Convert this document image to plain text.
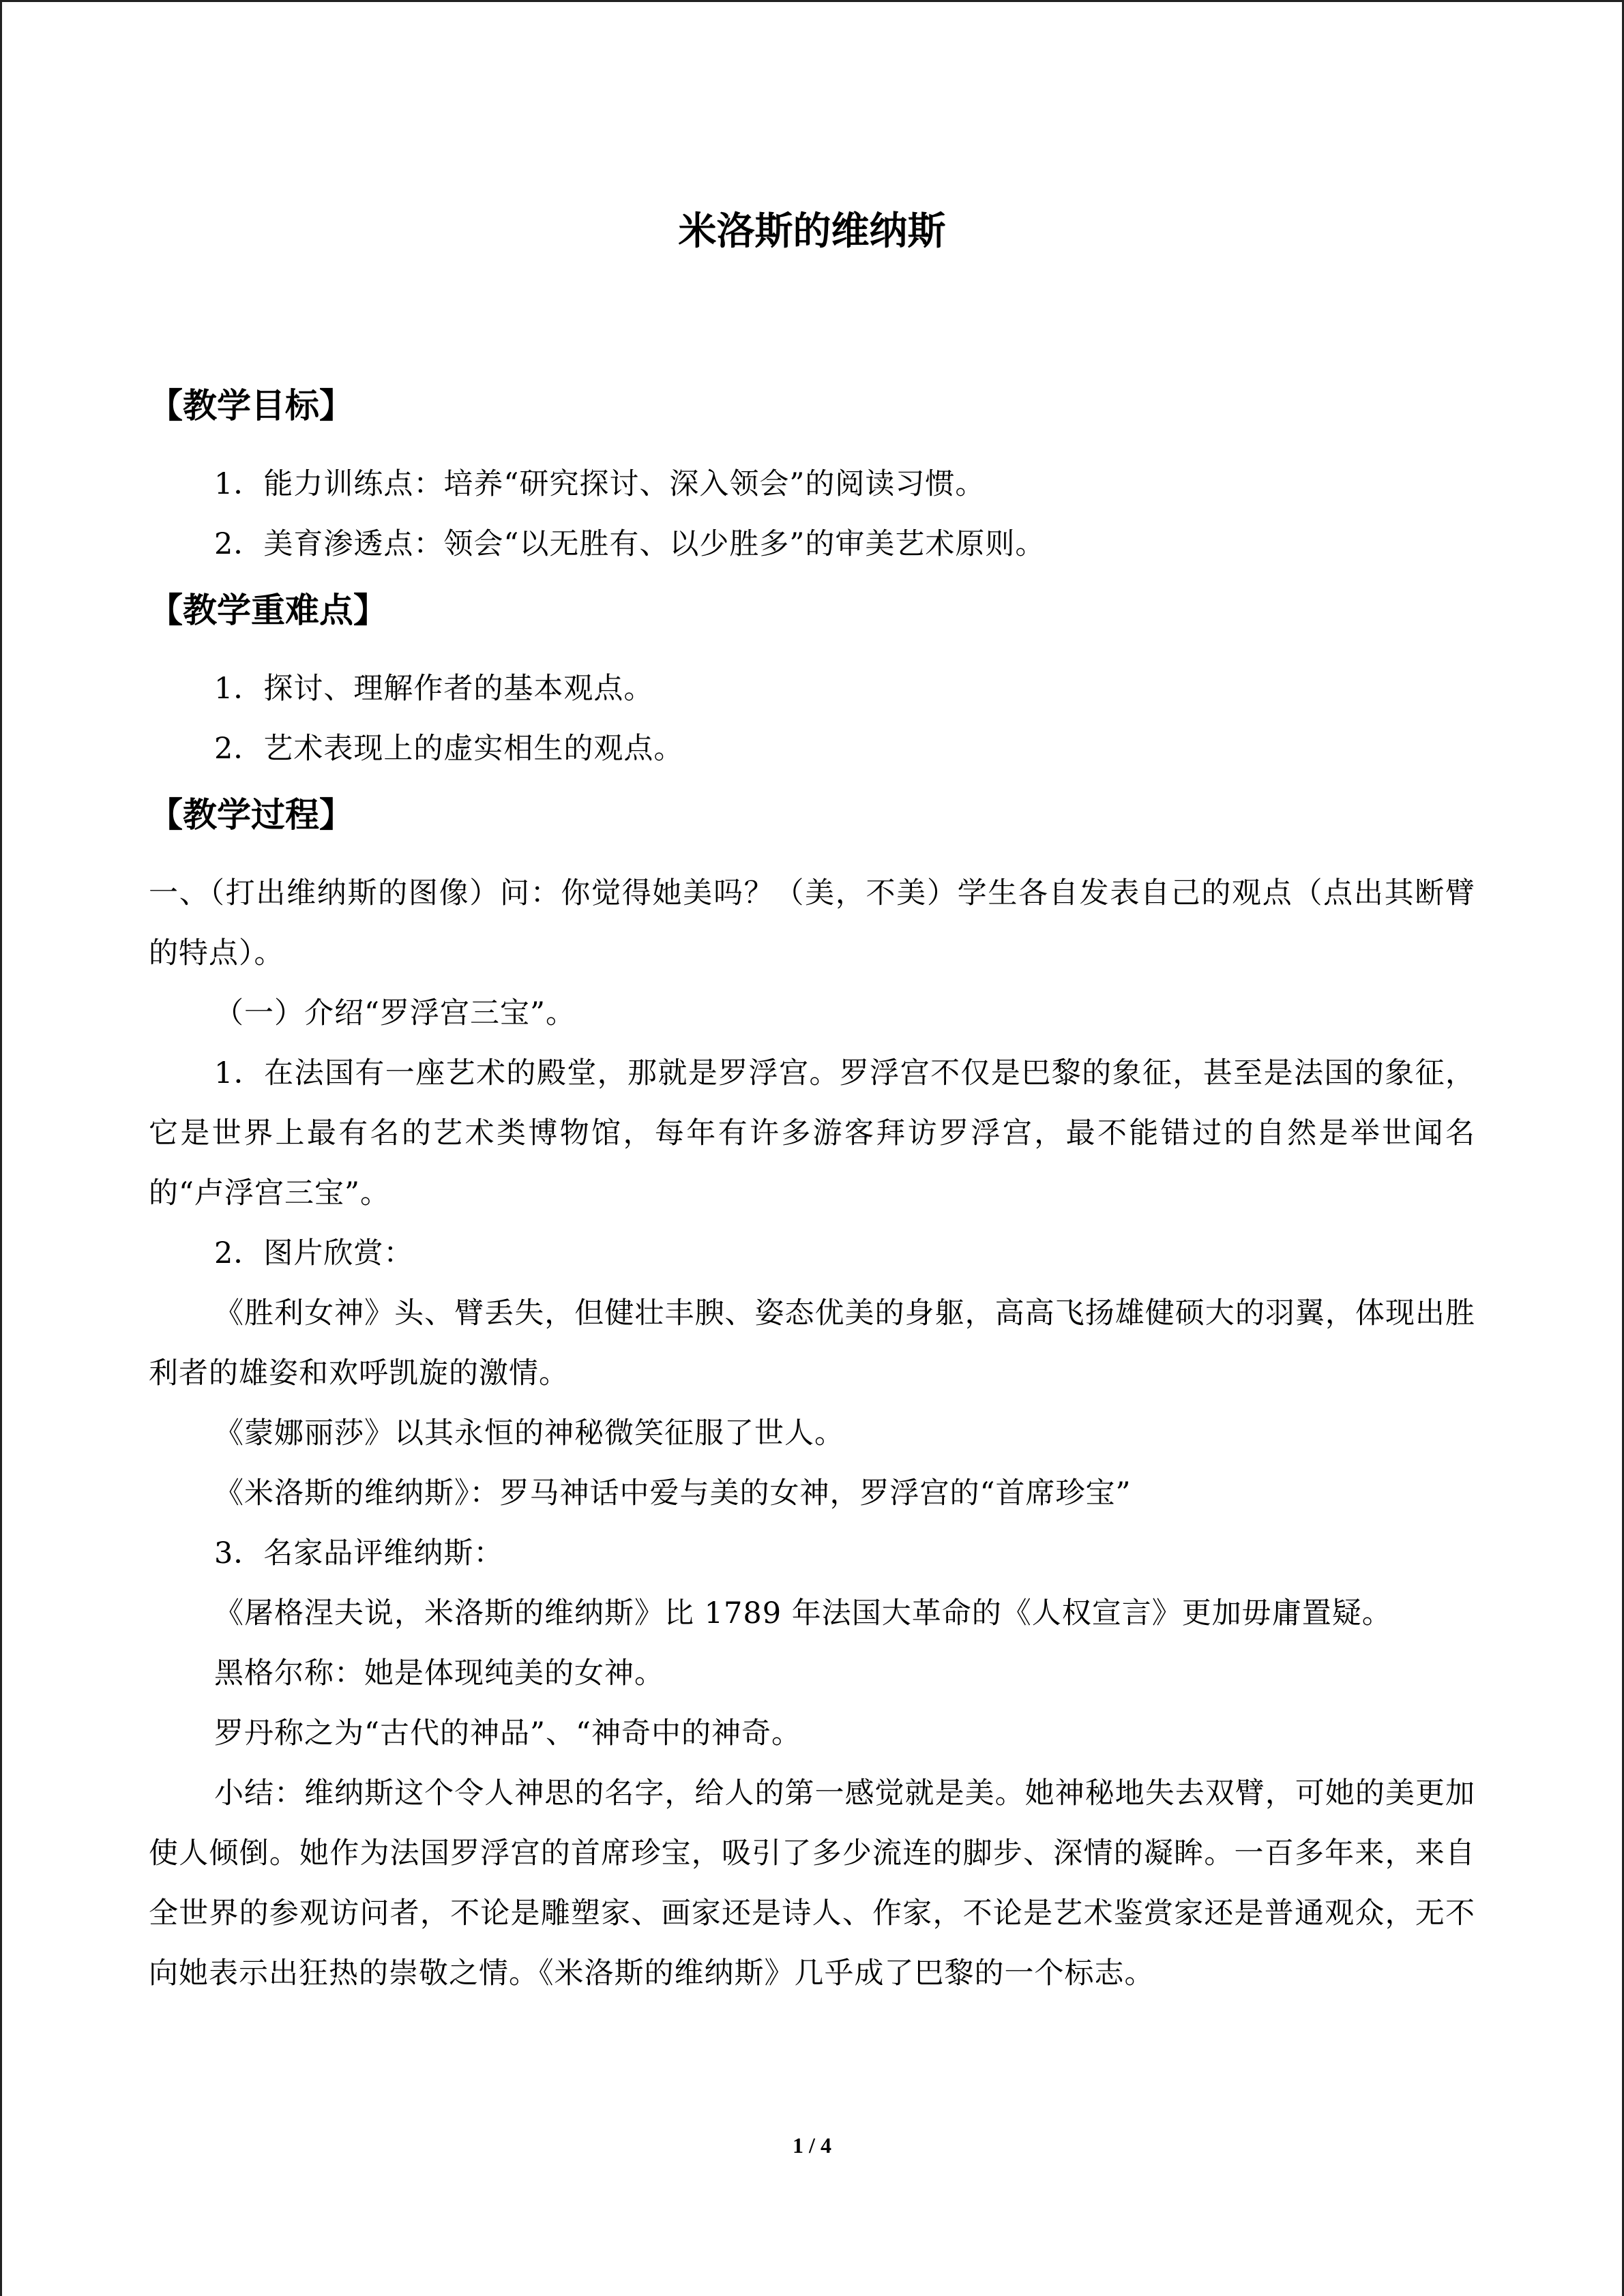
米洛斯的维纳斯
【教学目标】
1．能力训练点：培养“研究探讨、深入领会”的阅读习惯。
2．美育渗透点：领会“以无胜有、以少胜多”的审美艺术原则。
【教学重难点】
1．探讨、理解作者的基本观点。
2．艺术表现上的虚实相生的观点。
【教学过程】
一、（打出维纳斯的图像）问：你觉得她美吗？（美，不美）学生各自发表自己的观点（点出其断臂的特点）。
（一）介绍“罗浮宫三宝”。
1．在法国有一座艺术的殿堂，那就是罗浮宫。罗浮宫不仅是巴黎的象征，甚至是法国的象征，它是世界上最有名的艺术类博物馆，每年有许多游客拜访罗浮宫，最不能错过的自然是举世闻名的“卢浮宫三宝”。
2．图片欣赏：
《胜利女神》头、臂丢失，但健壮丰腴、姿态优美的身躯，高高飞扬雄健硕大的羽翼，体现出胜利者的雄姿和欢呼凯旋的激情。
《蒙娜丽莎》以其永恒的神秘微笑征服了世人。
《米洛斯的维纳斯》：罗马神话中爱与美的女神，罗浮宫的“首席珍宝”
3．名家品评维纳斯：
《屠格涅夫说，米洛斯的维纳斯》比 1789 年法国大革命的《人权宣言》更加毋庸置疑。
黑格尔称：她是体现纯美的女神。
罗丹称之为“古代的神品”、“神奇中的神奇。
小结：维纳斯这个令人神思的名字，给人的第一感觉就是美。她神秘地失去双臂，可她的美更加使人倾倒。她作为法国罗浮宫的首席珍宝，吸引了多少流连的脚步、深情的凝眸。一百多年来，来自全世界的参观访问者，不论是雕塑家、画家还是诗人、作家，不论是艺术鉴赏家还是普通观众，无不向她表示出狂热的崇敬之情。《米洛斯的维纳斯》几乎成了巴黎的一个标志。
1 / 4
